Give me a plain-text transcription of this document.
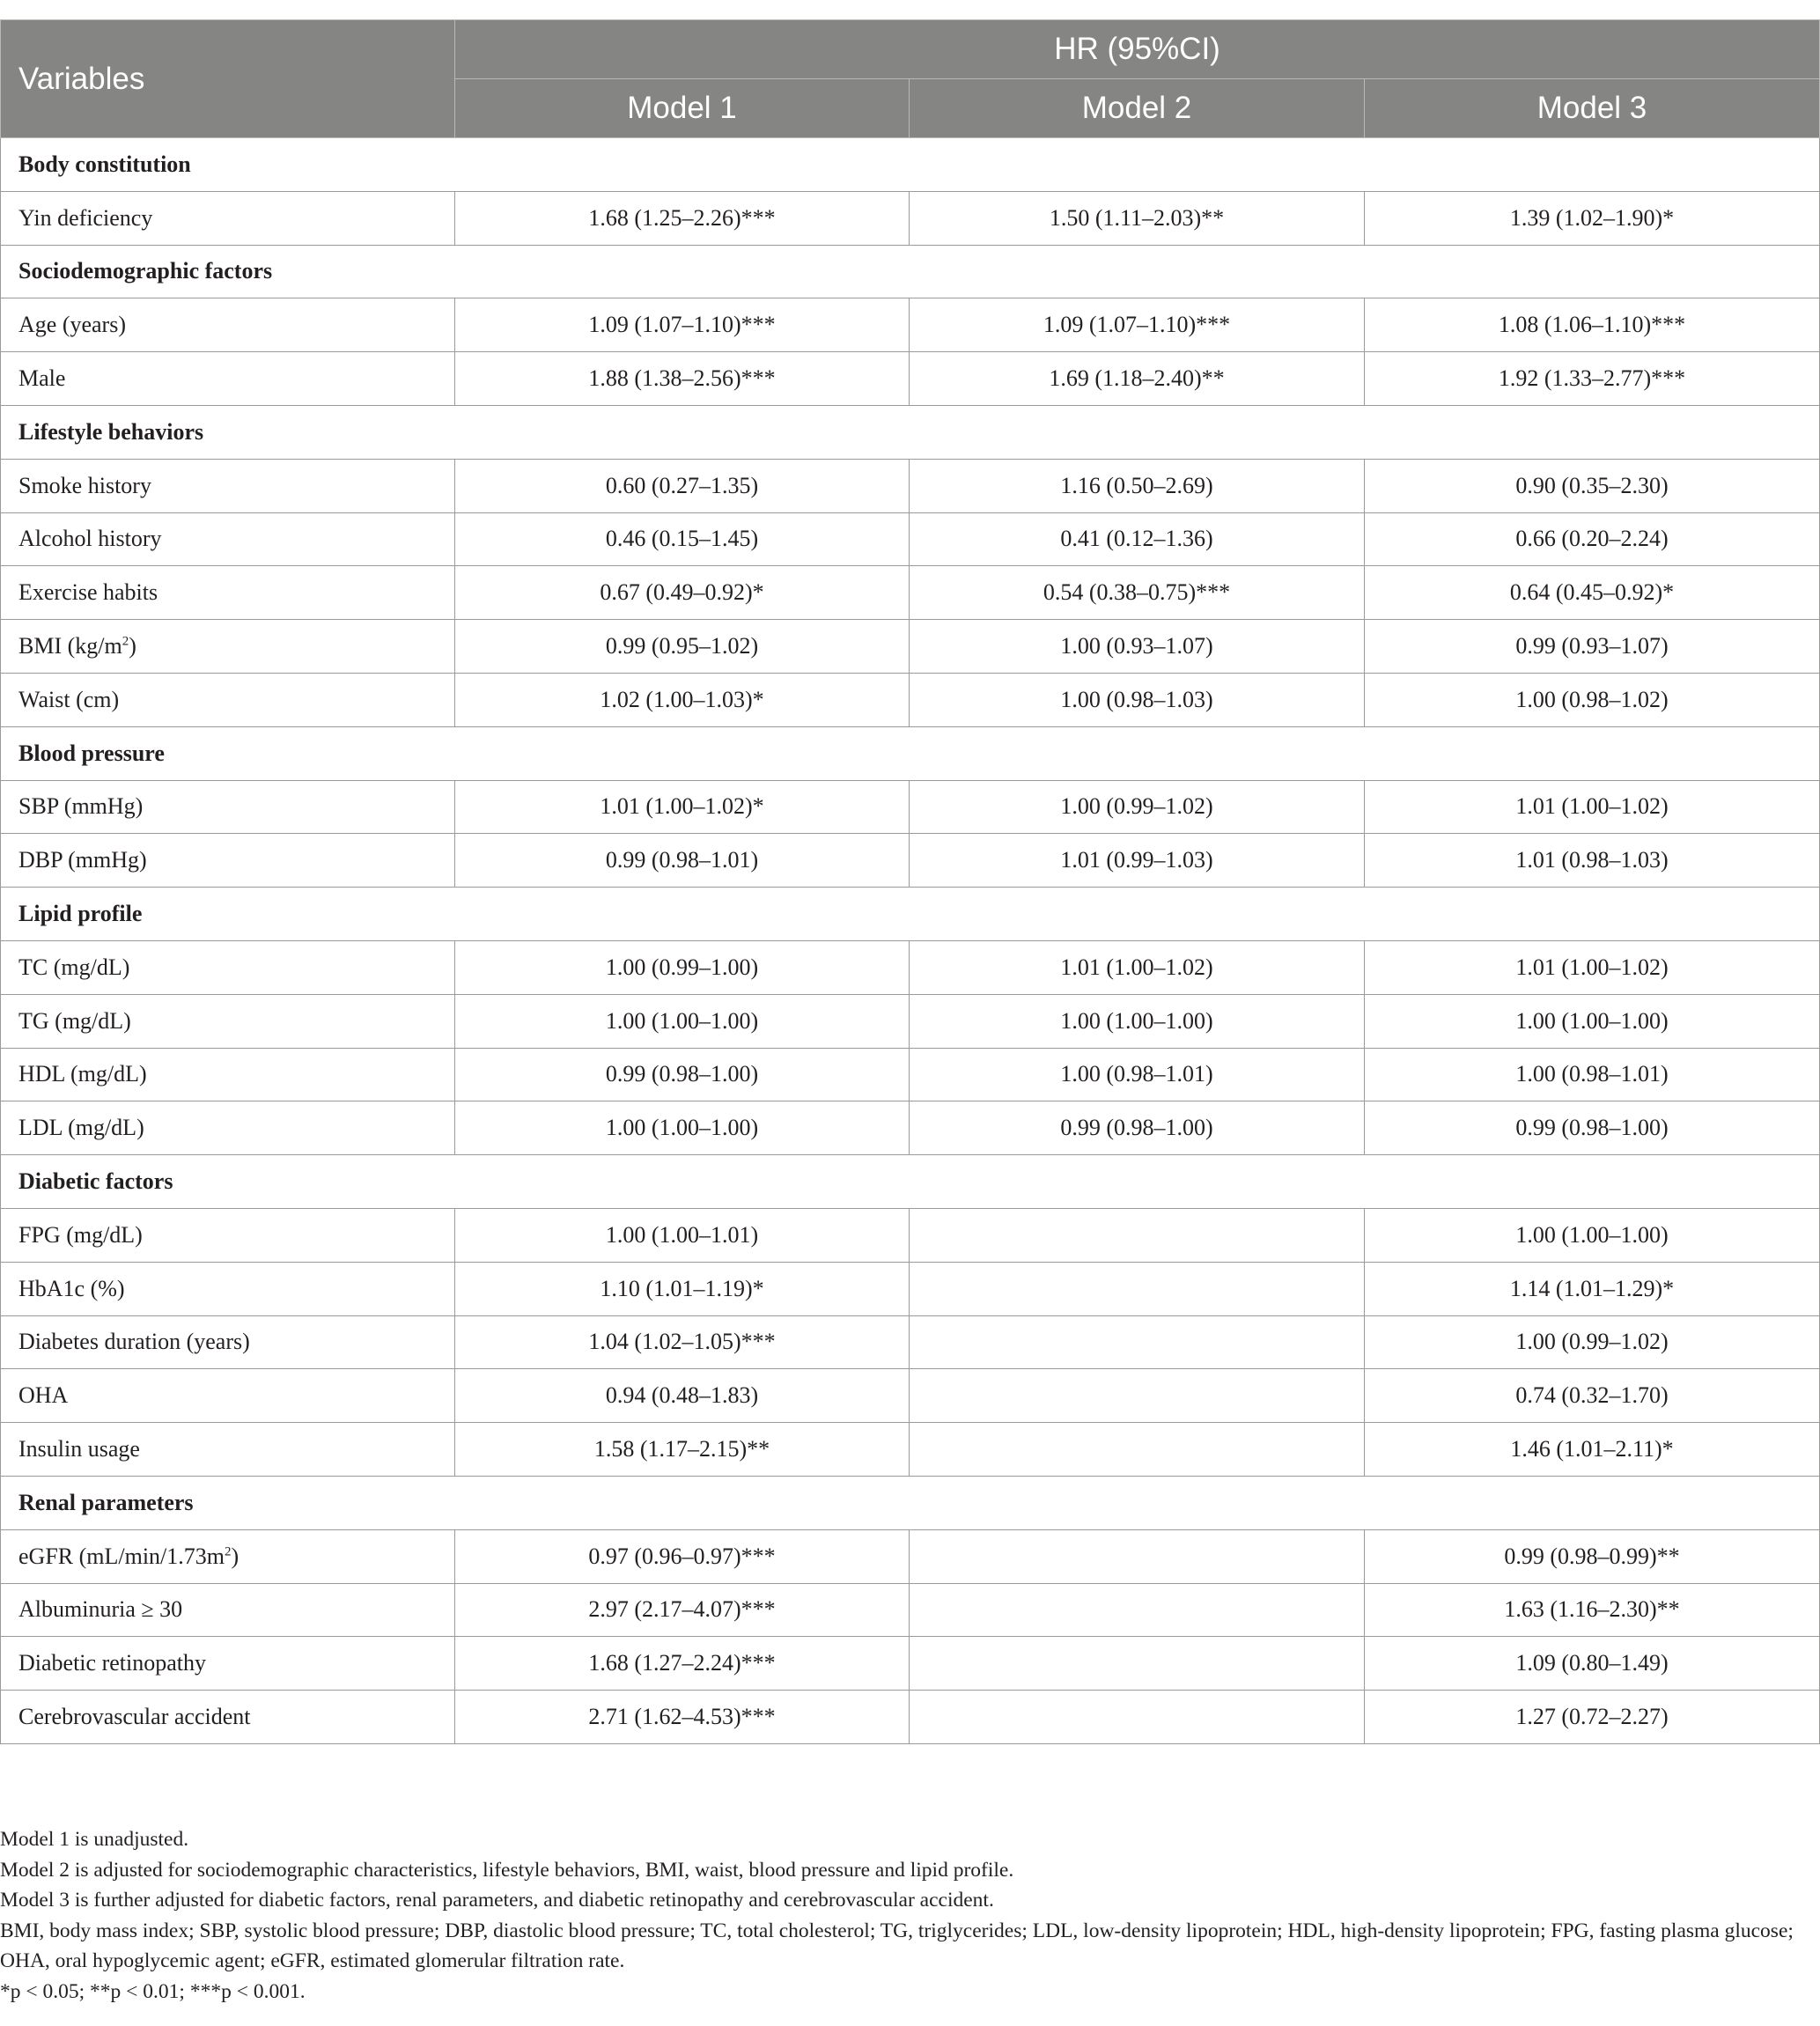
Variables	HR (95%CI)		
	Model 1	Model 2	Model 3
Body constitution			
Yin deficiency	1.68 (1.25–2.26)***	1.50 (1.11–2.03)**	1.39 (1.02–1.90)*
Sociodemographic factors			
Age (years)	1.09 (1.07–1.10)***	1.09 (1.07–1.10)***	1.08 (1.06–1.10)***
Male	1.88 (1.38–2.56)***	1.69 (1.18–2.40)**	1.92 (1.33–2.77)***
Lifestyle behaviors			
Smoke history	0.60 (0.27–1.35)	1.16 (0.50–2.69)	0.90 (0.35–2.30)
Alcohol history	0.46 (0.15–1.45)	0.41 (0.12–1.36)	0.66 (0.20–2.24)
Exercise habits	0.67 (0.49–0.92)*	0.54 (0.38–0.75)***	0.64 (0.45–0.92)*
BMI $(kg/m^2)$	0.99 (0.95–1.02)	1.00 (0.93–1.07)	0.99 (0.93–1.07)
Waist (cm)	1.02 (1.00–1.03)*	1.00 (0.98–1.03)	1.00 (0.98–1.02)
Blood pressure			
SBP (mmHg)	1.01 (1.00–1.02)*	1.00 (0.99–1.02)	1.01 (1.00–1.02)
DBP (mmHg)	0.99 (0.98–1.01)	1.01 (0.99–1.03)	1.01 (0.98–1.03)
Lipid profile			
TC (mg/dL)	1.00 (0.99–1.00)	1.01 (1.00–1.02)	1.01 (1.00–1.02)
TG (mg/dL)	1.00 (1.00–1.00)	1.00 (1.00–1.00)	1.00 (1.00–1.00)
HDL (mg/dL)	0.99 (0.98–1.00)	1.00 (0.98–1.01)	1.00 (0.98–1.01)
LDL (mg/dL)	1.00 (1.00–1.00)	0.99 (0.98–1.00)	0.99 (0.98–1.00)
Diabetic factors			
FPG (mg/dL)	1.00 (1.00–1.01)		1.00 (1.00–1.00)
HbA1c (%)	1.10 (1.01–1.19)*		1.14 (1.01–1.29)*
Diabetes duration (years)	1.04 (1.02–1.05)***		1.00 (0.99–1.02)
OHA	0.94 (0.48–1.83)		0.74 (0.32–1.70)
Insulin usage	1.58 (1.17–2.15)**		1.46 (1.01–2.11)*
Renal parameters			
eGFR $(mL/\min/1.73m^2)$	0.97 (0.96–0.97)***		0.99 (0.98–0.99)**
Albuminuria ≥ 30	2.97 (2.17–4.07)***		1.63 (1.16–2.30)**
Diabetic retinopathy	1.68 (1.27–2.24)***		1.09 (0.80–1.49)
Cerebrovascular accident	2.71 (1.62–4.53)***		1.27 (0.72–2.27)
Model 1 is unadjusted.
Model 2 is adjusted for sociodemographic characteristics, lifestyle behaviors, BMI, waist, blood pressure and lipid profile.
Model 3 is further adjusted for diabetic factors, renal parameters, and diabetic retinopathy and cerebrovascular accident.
BMI, body mass index; SBP, systolic blood pressure; DBP, diastolic blood pressure; TC, total cholesterol; TG, triglycerides; LDL, low-density lipoprotein; HDL, high-density lipoprotein; FPG, fasting plasma glucose; OHA, oral hypoglycemic agent; eGFR, estimated glomerular filtration rate.
*p < 0.05; **p < 0.01; ***p < 0.001.
